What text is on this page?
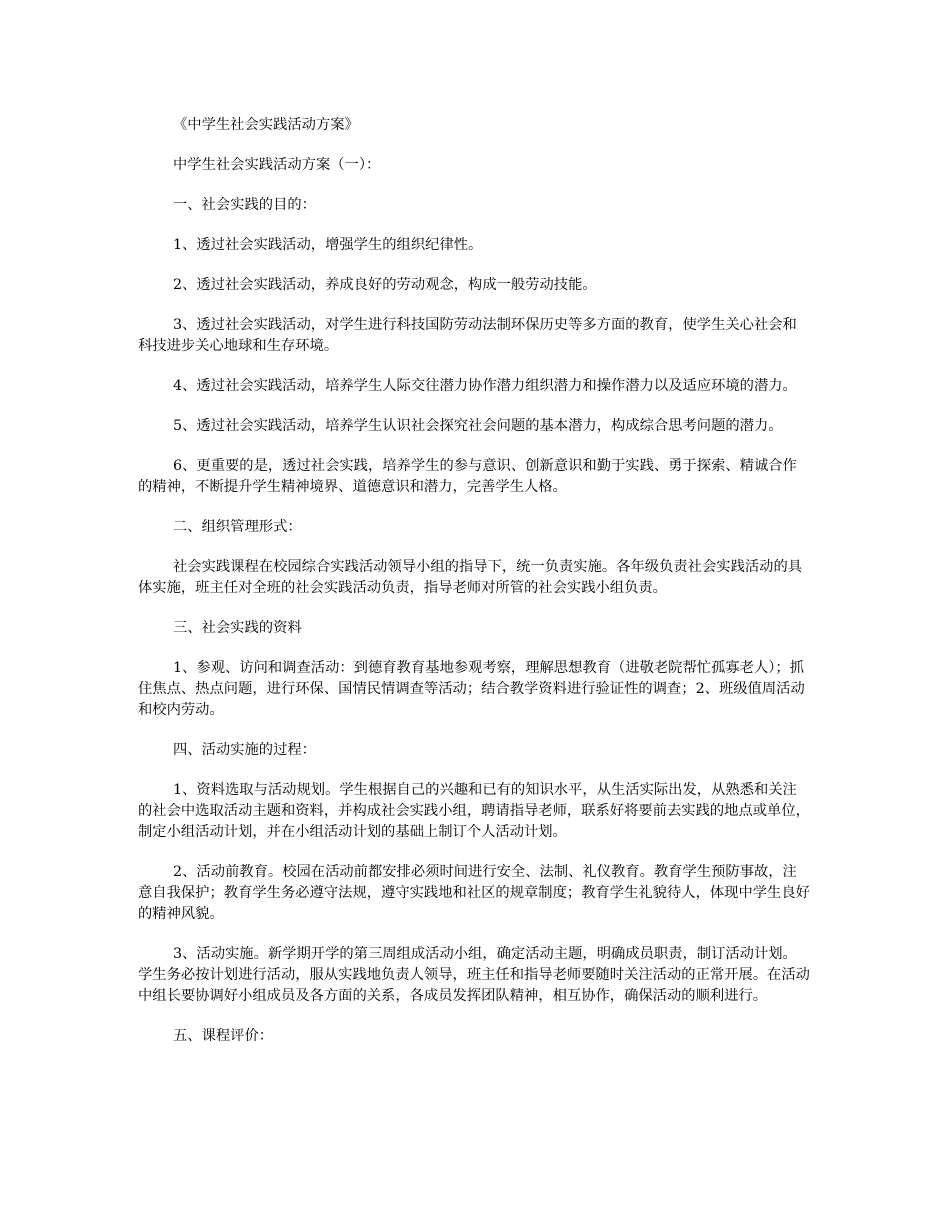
《中学生社会实践活动方案》

中学生社会实践活动方案（一）：

一、社会实践的目的：

1、透过社会实践活动，增强学生的组织纪律性。

2、透过社会实践活动，养成良好的劳动观念，构成一般劳动技能。

3、透过社会实践活动，对学生进行科技国防劳动法制环保历史等多方面的教育，使学生关心社会和科技进步关心地球和生存环境。

4、透过社会实践活动，培养学生人际交往潜力协作潜力组织潜力和操作潜力以及适应环境的潜力。

5、透过社会实践活动，培养学生认识社会探究社会问题的基本潜力，构成综合思考问题的潜力。

6、更重要的是，透过社会实践，培养学生的参与意识、创新意识和勤于实践、勇于探索、精诚合作的精神，不断提升学生精神境界、道德意识和潜力，完善学生人格。

二、组织管理形式：

社会实践课程在校园综合实践活动领导小组的指导下，统一负责实施。各年级负责社会实践活动的具体实施，班主任对全班的社会实践活动负责，指导老师对所管的社会实践小组负责。

三、社会实践的资料

1、参观、访问和调查活动：到德育教育基地参观考察，理解思想教育（进敬老院帮忙孤寡老人）；抓住焦点、热点问题，进行环保、国情民情调查等活动；结合教学资料进行验证性的调查；2、班级值周活动和校内劳动。

四、活动实施的过程：

1、资料选取与活动规划。学生根据自己的兴趣和已有的知识水平，从生活实际出发，从熟悉和关注的社会中选取活动主题和资料，并构成社会实践小组，聘请指导老师，联系好将要前去实践的地点或单位，制定小组活动计划，并在小组活动计划的基础上制订个人活动计划。

2、活动前教育。校园在活动前都安排必须时间进行安全、法制、礼仪教育。教育学生预防事故，注意自我保护；教育学生务必遵守法规，遵守实践地和社区的规章制度；教育学生礼貌待人，体现中学生良好的精神风貌。

3、活动实施。新学期开学的第三周组成活动小组，确定活动主题，明确成员职责，制订活动计划。学生务必按计划进行活动，服从实践地负责人领导，班主任和指导老师要随时关注活动的正常开展。在活动中组长要协调好小组成员及各方面的关系，各成员发挥团队精神，相互协作，确保活动的顺利进行。

五、课程评价：
